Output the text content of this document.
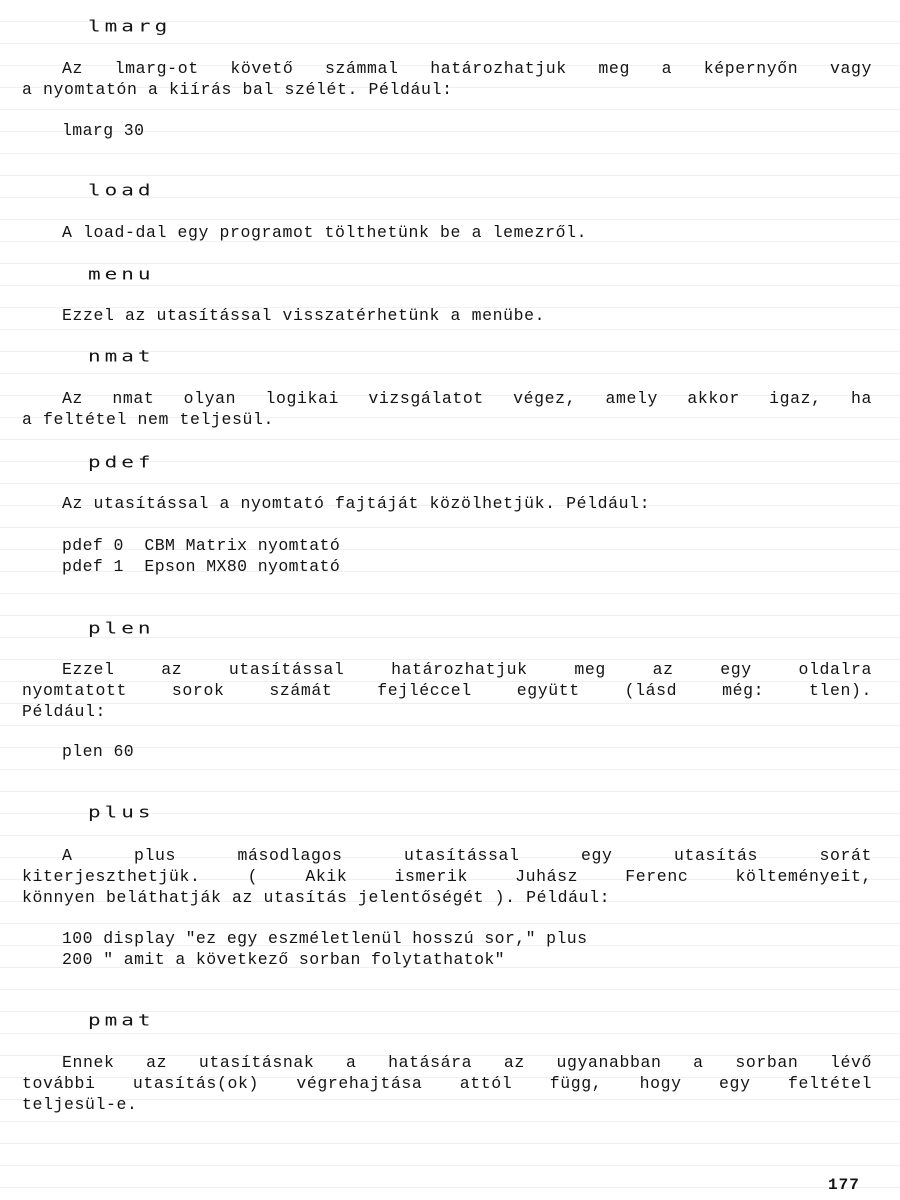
lmarg

Az lmarg-ot követő számmal határozhatjuk meg a képernyőn vagy
a nyomtatón a kiírás bal szélét. Például:

lmarg 30

load

A load-dal egy programot tölthetünk be a lemezről.

menu

Ezzel az utasítással visszatérhetünk a menübe.

nmat

Az nmat olyan logikai vizsgálatot végez, amely akkor igaz, ha
a feltétel nem teljesül.

pdef

Az utasítással a nyomtató fajtáját közölhetjük. Például:

pdef 0  CBM Matrix nyomtató
pdef 1  Epson MX80 nyomtató

plen

Ezzel az utasítással határozhatjuk meg az egy oldalra
nyomtatott sorok számát fejléccel együtt (lásd még: tlen).
Például:

plen 60

plus

A plus másodlagos utasítással egy utasítás sorát
kiterjeszthetjük. ( Akik ismerik Juhász Ferenc költeményeit,
könnyen beláthatják az utasítás jelentőségét ). Például:

100 display "ez egy eszméletlenül hosszú sor," plus
200 " amit a következő sorban folytathatok"

pmat

Ennek az utasításnak a hatására az ugyanabban a sorban lévő
további utasítás(ok) végrehajtása attól függ, hogy egy feltétel
teljesül-e.

177
